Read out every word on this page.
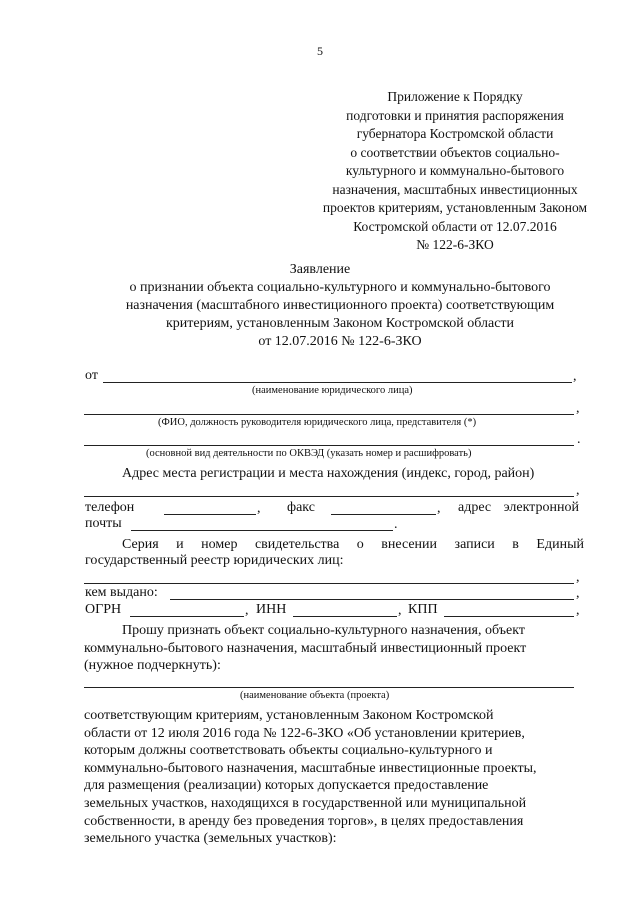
5
Приложение к Порядку
подготовки и принятия распоряжения
губернатора Костромской области
о соответствии объектов социально-
культурного и коммунально-бытового
назначения, масштабных инвестиционных
проектов критериям, установленным Законом
Костромской области от 12.07.2016
№ 122-6-ЗКО
Заявление
о признании объекта социально-культурного и коммунально-бытового
назначения (масштабного инвестиционного проекта) соответствующим
критериям, установленным Законом Костромской области
от 12.07.2016 № 122-6-ЗКО
от	,
(наименование юридического лица)
,
(ФИО, должность руководителя юридического лица, представителя (*)
.
(основной вид деятельности по ОКВЭД (указать номер и расшифровать)
Адрес места регистрации и места нахождения (индекс, город, район)
,
телефон	, факс	, адрес электронной
почты	.
Серия и номер свидетельства о внесении записи в Единый
государственный реестр юридических лиц:
,
кем выдано:	,
ОГРН	, ИНН	, КПП	,
Прошу признать объект социально-культурного назначения, объект
коммунально-бытового назначения, масштабный инвестиционный проект
(нужное подчеркнуть):
(наименование объекта (проекта)
соответствующим критериям, установленным Законом Костромской
области от 12 июля 2016 года № 122-6-ЗКО «Об установлении критериев,
которым должны соответствовать объекты социально-культурного и
коммунально-бытового назначения, масштабные инвестиционные проекты,
для размещения (реализации) которых допускается предоставление
земельных участков, находящихся в государственной или муниципальной
собственности, в аренду без проведения торгов», в целях предоставления
земельного участка (земельных участков):
